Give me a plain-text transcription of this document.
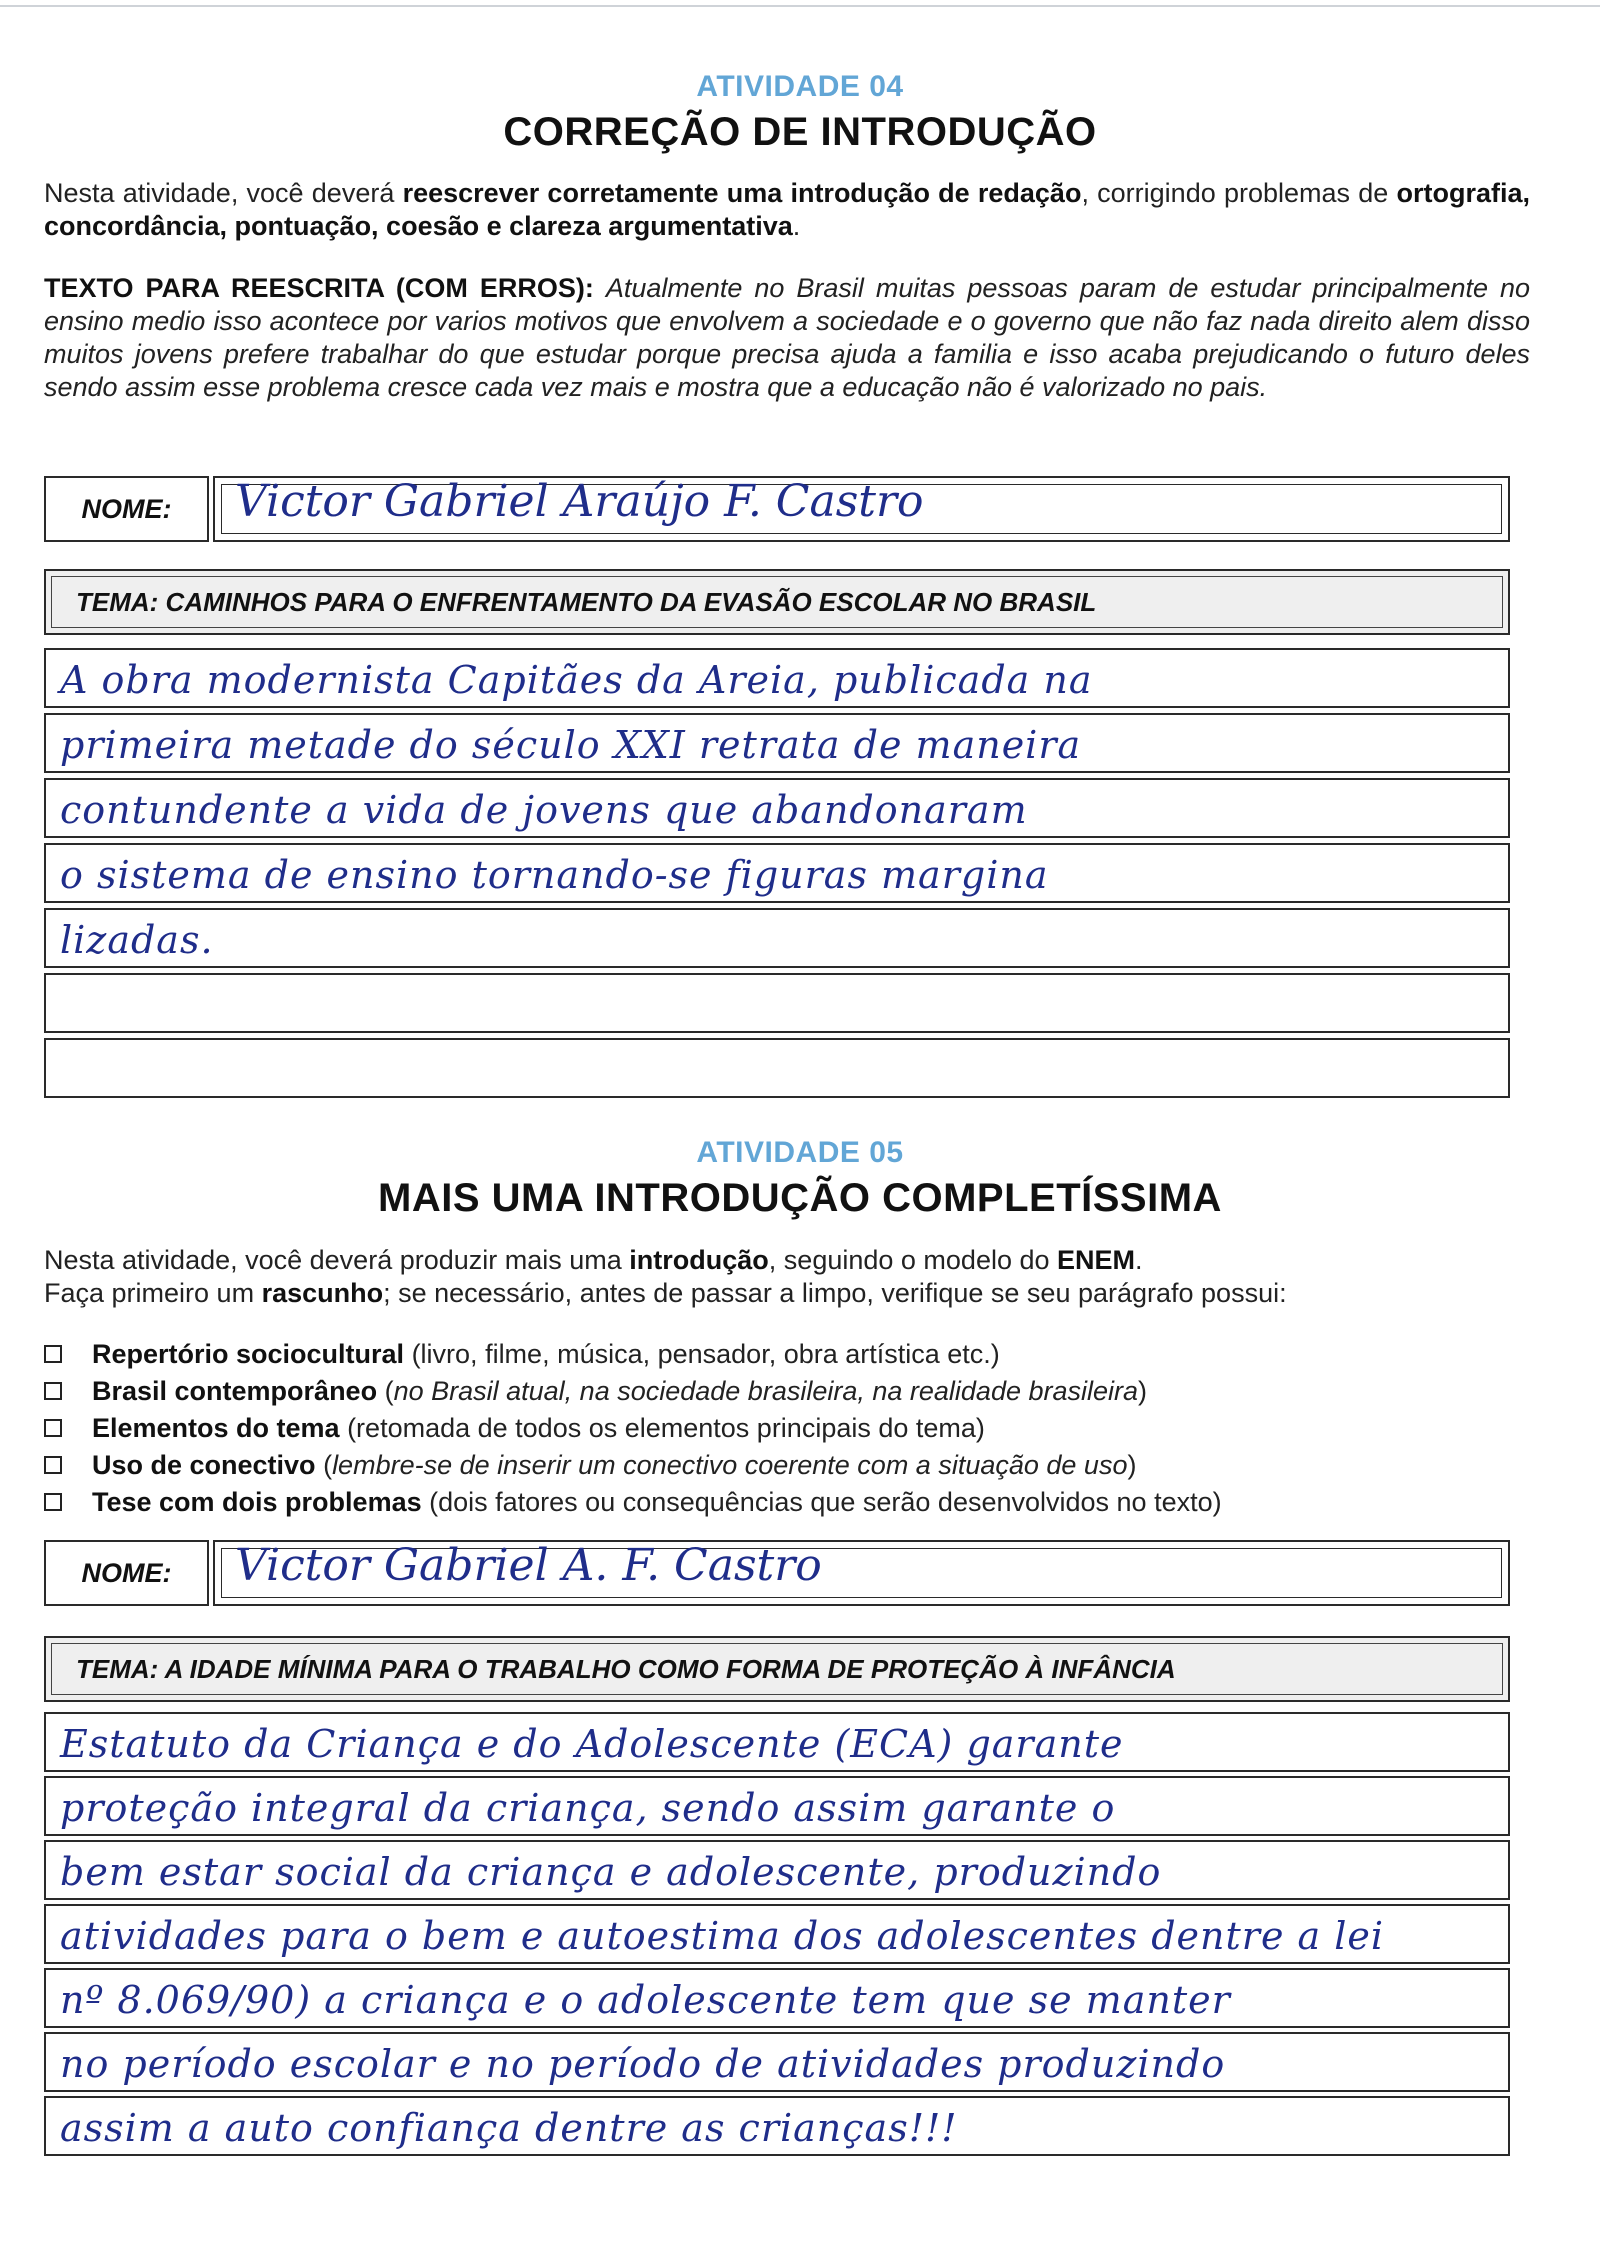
ATIVIDADE 04
CORREÇÃO DE INTRODUÇÃO
Nesta atividade, você deverá reescrever corretamente uma introdução de redação, corrigindo problemas de ortografia, concordância, pontuação, coesão e clareza argumentativa.
TEXTO PARA REESCRITA (COM ERROS): Atualmente no Brasil muitas pessoas param de estudar principalmente no ensino medio isso acontece por varios motivos que envolvem a sociedade e o governo que não faz nada direito alem disso muitos jovens prefere trabalhar do que estudar porque precisa ajuda a familia e isso acaba prejudicando o futuro deles sendo assim esse problema cresce cada vez mais e mostra que a educação não é valorizado no pais.
NOME:	Victor Gabriel Araújo F. Castro
TEMA: CAMINHOS PARA O ENFRENTAMENTO DA EVASÃO ESCOLAR NO BRASIL
A obra modernista Capitães da Areia, publicada na
primeira metade do século XXI retrata de maneira
contundente a vida de jovens que abandonaram
o sistema de ensino tornando-se figuras margina
lizadas.
ATIVIDADE 05
MAIS UMA INTRODUÇÃO COMPLETÍSSIMA
Nesta atividade, você deverá produzir mais uma introdução, seguindo o modelo do ENEM.
Faça primeiro um rascunho; se necessário, antes de passar a limpo, verifique se seu parágrafo possui:
Repertório sociocultural (livro, filme, música, pensador, obra artística etc.)
Brasil contemporâneo (no Brasil atual, na sociedade brasileira, na realidade brasileira)
Elementos do tema (retomada de todos os elementos principais do tema)
Uso de conectivo (lembre-se de inserir um conectivo coerente com a situação de uso)
Tese com dois problemas (dois fatores ou consequências que serão desenvolvidos no texto)
NOME:	Victor Gabriel A. F. Castro
TEMA: A IDADE MÍNIMA PARA O TRABALHO COMO FORMA DE PROTEÇÃO À INFÂNCIA
Estatuto da Criança e do Adolescente (ECA) garante
proteção integral da criança, sendo assim garante o
bem estar social da criança e adolescente, produzindo
atividades para o bem e autoestima dos adolescentes dentre a lei
nº 8.069/90) a criança e o adolescente tem que se manter
no período escolar e no período de atividades produzindo
assim a auto confiança dentre as crianças!!!
